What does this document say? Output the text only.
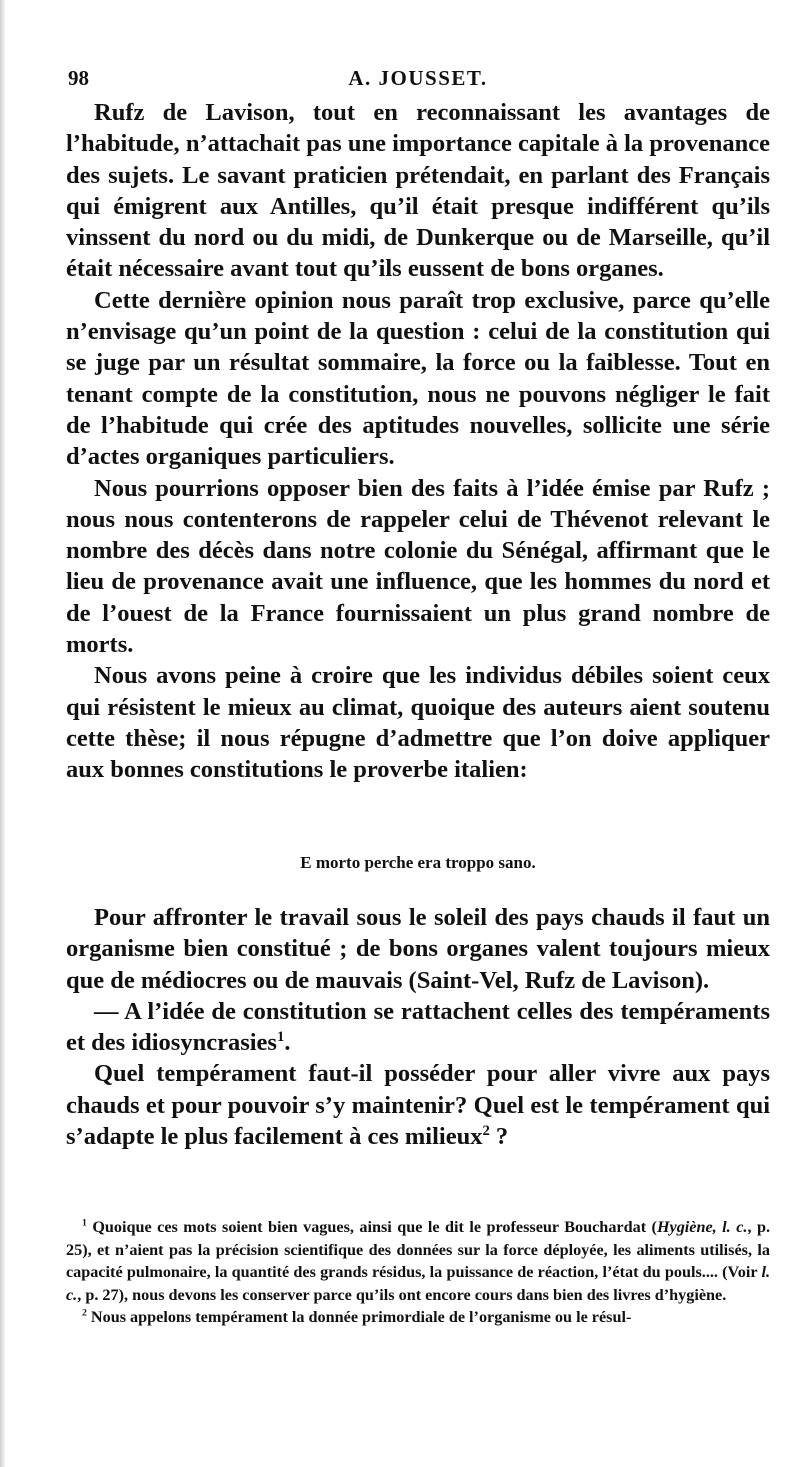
98	A. JOUSSET.

Rufz de Lavison, tout en reconnaissant les avantages de l’habitude, n’attachait pas une importance capitale à la provenance des sujets. Le savant praticien prétendait, en parlant des Français qui émigrent aux Antilles, qu’il était presque indifférent qu’ils vinssent du nord ou du midi, de Dunkerque ou de Marseille, qu’il était nécessaire avant tout qu’ils eussent de bons organes.

Cette dernière opinion nous paraît trop exclusive, parce qu’elle n’envisage qu’un point de la question : celui de la constitution qui se juge par un résultat sommaire, la force ou la faiblesse. Tout en tenant compte de la constitution, nous ne pouvons négliger le fait de l’habitude qui crée des aptitudes nouvelles, sollicite une série d’actes organiques particuliers.

Nous pourrions opposer bien des faits à l’idée émise par Rufz ; nous nous contenterons de rappeler celui de Thévenot relevant le nombre des décès dans notre colonie du Sénégal, affirmant que le lieu de provenance avait une influence, que les hommes du nord et de l’ouest de la France fournissaient un plus grand nombre de morts.

Nous avons peine à croire que les individus débiles soient ceux qui résistent le mieux au climat, quoique des auteurs aient soutenu cette thèse; il nous répugne d’admettre que l’on doive appliquer aux bonnes constitutions le proverbe italien:

E morto perche era troppo sano.

Pour affronter le travail sous le soleil des pays chauds il faut un organisme bien constitué ; de bons organes valent toujours mieux que de médiocres ou de mauvais (Saint-Vel, Rufz de Lavison).

— A l’idée de constitution se rattachent celles des tempéraments et des idiosyncrasies$^1$.

Quel tempérament faut-il posséder pour aller vivre aux pays chauds et pour pouvoir s’y maintenir? Quel est le tempérament qui s’adapte le plus facilement à ces milieux$^2$ ?

$^1$ Quoique ces mots soient bien vagues, ainsi que le dit le professeur Bouchardat (Hygiène, l. c., p. 25), et n’aient pas la précision scientifique des données sur la force déployée, les aliments utilisés, la capacité pulmonaire, la quantité des grands résidus, la puissance de réaction, l’état du pouls.... (Voir l. c., p. 27), nous devons les conserver parce qu’ils ont encore cours dans bien des livres d’hygiène.

$^2$ Nous appelons tempérament la donnée primordiale de l’organisme ou le résul-
